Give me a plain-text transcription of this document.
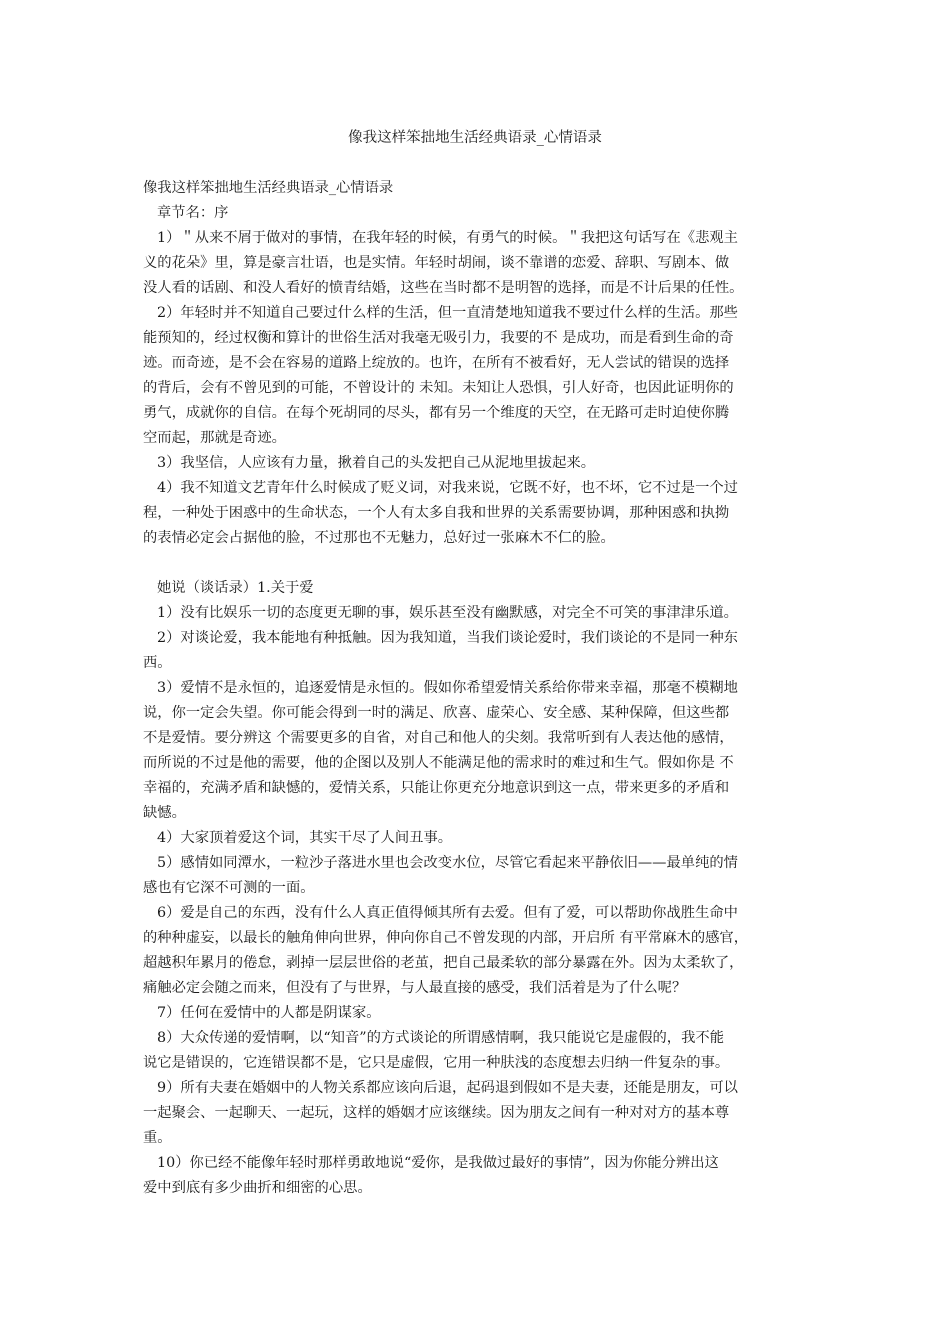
像我这样笨拙地生活经典语录_心情语录
像我这样笨拙地生活经典语录_心情语录
章节名：序
1）＂从来不屑于做对的事情，在我年轻的时候，有勇气的时候。＂我把这句话写在《悲观主
义的花朵》里，算是豪言壮语，也是实情。年轻时胡闹，谈不靠谱的恋爱、辞职、写剧本、做
没人看的话剧、和没人看好的愤青结婚，这些在当时都不是明智的选择，而是不计后果的任性。
2）年轻时并不知道自己要过什么样的生活，但一直清楚地知道我不要过什么样的生活。那些
能预知的，经过权衡和算计的世俗生活对我毫无吸引力，我要的不 是成功，而是看到生命的奇
迹。而奇迹，是不会在容易的道路上绽放的。也许，在所有不被看好，无人尝试的错误的选择
的背后，会有不曾见到的可能，不曾设计的 未知。未知让人恐惧，引人好奇，也因此证明你的
勇气，成就你的自信。在每个死胡同的尽头，都有另一个维度的天空，在无路可走时迫使你腾
空而起，那就是奇迹。
3）我坚信，人应该有力量，揪着自己的头发把自己从泥地里拔起来。
4）我不知道文艺青年什么时候成了贬义词，对我来说，它既不好，也不坏，它不过是一个过
程，一种处于困惑中的生命状态，一个人有太多自我和世界的关系需要协调，那种困惑和执拗
的表情必定会占据他的脸，不过那也不无魅力，总好过一张麻木不仁的脸。
她说（谈话录）1.关于爱
1）没有比娱乐一切的态度更无聊的事，娱乐甚至没有幽默感，对完全不可笑的事津津乐道。
2）对谈论爱，我本能地有种抵触。因为我知道，当我们谈论爱时，我们谈论的不是同一种东
西。
3）爱情不是永恒的，追逐爱情是永恒的。假如你希望爱情关系给你带来幸福，那毫不模糊地
说，你一定会失望。你可能会得到一时的满足、欣喜、虚荣心、安全感、某种保障，但这些都
不是爱情。要分辨这 个需要更多的自省，对自己和他人的尖刻。我常听到有人表达他的感情，
而所说的不过是他的需要，他的企图以及别人不能满足他的需求时的难过和生气。假如你是 不
幸福的，充满矛盾和缺憾的，爱情关系，只能让你更充分地意识到这一点，带来更多的矛盾和
缺憾。
4）大家顶着爱这个词，其实干尽了人间丑事。
5）感情如同潭水，一粒沙子落进水里也会改变水位，尽管它看起来平静依旧——最单纯的情
感也有它深不可测的一面。
6）爱是自己的东西，没有什么人真正值得倾其所有去爱。但有了爱，可以帮助你战胜生命中
的种种虚妄，以最长的触角伸向世界，伸向你自己不曾发现的内部，开启所 有平常麻木的感官，
超越积年累月的倦怠，剥掉一层层世俗的老茧，把自己最柔软的部分暴露在外。因为太柔软了，
痛触必定会随之而来，但没有了与世界，与人最直接的感受，我们活着是为了什么呢？
7）任何在爱情中的人都是阴谋家。
8）大众传递的爱情啊，以“知音”的方式谈论的所谓感情啊，我只能说它是虚假的，我不能
说它是错误的，它连错误都不是，它只是虚假，它用一种肤浅的态度想去归纳一件复杂的事。
9）所有夫妻在婚姻中的人物关系都应该向后退，起码退到假如不是夫妻，还能是朋友，可以
一起聚会、一起聊天、一起玩，这样的婚姻才应该继续。因为朋友之间有一种对对方的基本尊
重。
10）你已经不能像年轻时那样勇敢地说“爱你，是我做过最好的事情”，因为你能分辨出这
爱中到底有多少曲折和细密的心思。
